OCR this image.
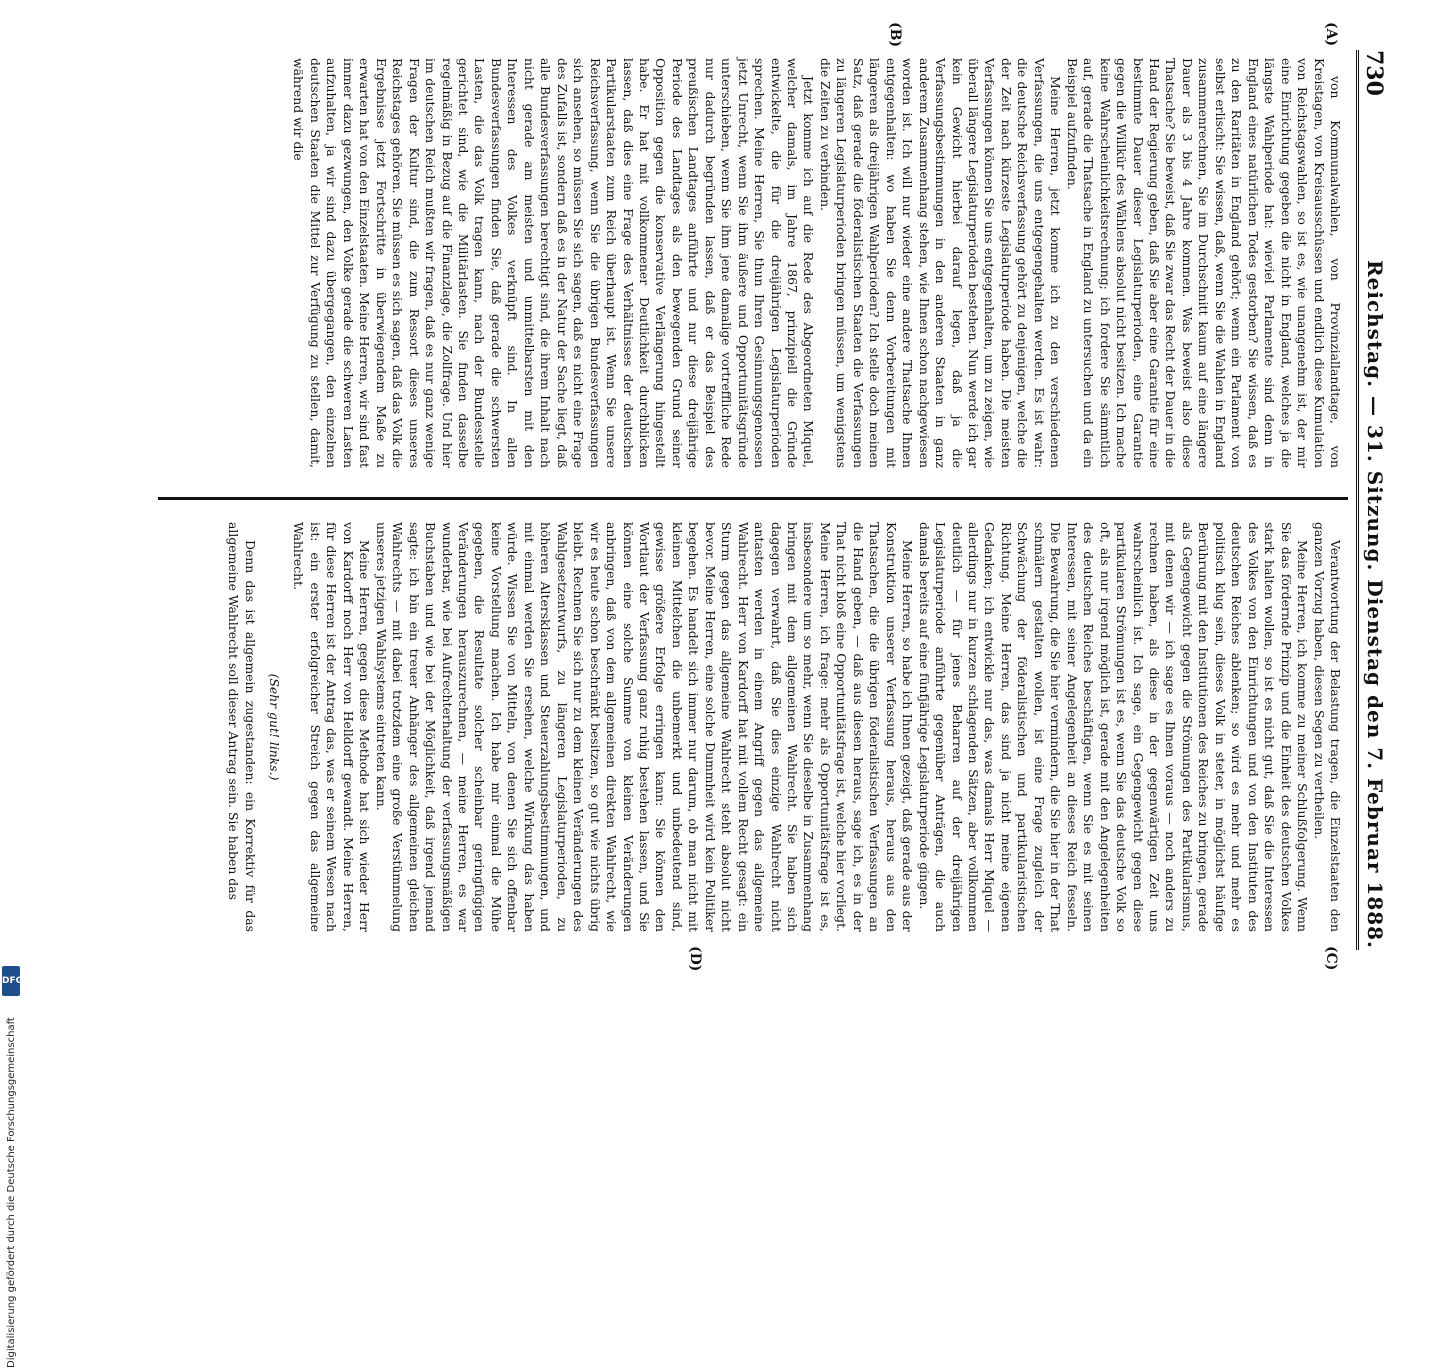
730
Reichstag. — 31. Sitzung. Dienstag den 7. Februar 1888.
(A)
(B)
(C)
(D)

von Kommunalwahlen, von Provinziallandtage, von Kreistagen, von Kreisausschüssen und endlich diese Kumulation von Reichstagswahlen, so ist es, wie unangenehm ist, der mir eine Einrichtung gegeben die nicht in England, welches ja die längste Wahlperiode hat: wieviel Parlamente sind denn in England eines natürlichen Todes gestorben? Sie wissen, daß es zu den Raritäten in England gehört; wenn ein Parlament von selbst erlischt: Sie wissen, daß, wenn Sie die Wahlen in England zusammenrechnen, Sie im Durchschnitt kaum auf eine längere Dauer als 3 bis 4 Jahre kommen. Was beweist also diese Thatsache? Sie beweist, daß Sie zwar das Recht der Dauer in die Hand der Regierung geben, daß Sie aber eine Garantie für eine bestimmte Dauer dieser Legislaturperioden, eine Garantie gegen die Willkür des Wählens absolut nicht besitzen. Ich mache keine Wahrscheinlichkeitsrechnung; ich fordere Sie sämmtlich auf, gerade die Thatsache in England zu untersuchen und da ein Beispiel aufzufinden.

Meine Herren, jetzt komme ich zu den verschiedenen Verfassungen, die uns entgegengehalten werden. Es ist wahr: die deutsche Reichsverfassung gehört zu denjenigen, welche die der Zeit nach kürzeste Legislaturperiode haben. Die meisten Verfassungen können Sie uns entgegenhalten, um zu zeigen, wie überall längere Legislaturperioden bestehen. Nun werde ich gar kein Gewicht hierbei darauf legen, daß ja die Verfassungsbestimmungen in den anderen Staaten in ganz anderem Zusammenhang stehen, wie Ihnen schon nachgewiesen worden ist. Ich will nur wieder eine andere Thatsache Ihnen entgegenhalten: wo haben Sie denn Vorbereitungen mit längeren als dreijährigen Wahlperioden? Ich stelle doch meinen Satz, daß gerade die föderalistischen Staaten die Verfassungen zu längeren Legislaturperioden bringen müssen, um wenigstens die Zeiten zu verbinden.

Jetzt komme ich auf die Rede des Abgeordneten Miquel, welcher damals, im Jahre 1867, prinzipiell die Gründe entwickelte, die für die dreijährigen Legislaturperioden sprechen. Meine Herren, Sie thun Ihren Gesinnungsgenossen jetzt Unrecht, wenn Sie ihm äußere und Opportunitätsgründe unterschieben, wenn Sie ihm jene damalige vortreffliche Rede nur dadurch begründen lassen, daß er das Beispiel des preußischen Landtages anführte und nur diese dreijährige Periode des Landtages als den bewegenden Grund seiner Opposition gegen die konservative Verlängerung hingestellt habe. Er hat mit vollkommener Deutlichkeit durchblicken lassen, daß dies eine Frage des Verhältnisses der deutschen Partikularstaaten zum Reich überhaupt ist. Wenn Sie unsere Reichsverfassung, wenn Sie die übrigen Bundesverfassungen sich ansehen, so müssen Sie sich sagen, daß es nicht eine Frage des Zufalls ist, sondern daß es in der Natur der Sache liegt, daß alle Bundesverfassungen berechtigt sind, die ihrem Inhalt nach nicht gerade am meisten und unmittelbarsten mit den Interessen des Volkes verknüpft sind. In allen Bundesverfassungen finden Sie, daß gerade die schwersten Lasten, die das Volk tragen kann, nach der Bundesstelle gerichtet sind, wie die Militärlasten. Sie finden dasselbe regelmäßig in Bezug auf die Finanzlage, die Zollfrage. Und hier im deutschen Reich mußten wir fragen, daß es nur ganz wenige Fragen der Kultur sind, die zum Ressort dieses unseres Reichstages gehören. Sie müssen es sich sagen, daß das Volk die Ergebnisse jetzt Fortschritte in überwiegendem Maße zu erwarten hat von den Einzelstaaten. Meine Herren, wir sind fast immer dazu gezwungen, den Volke gerade die schweren Lasten aufzuhalten, ja wir sind dazu übergegangen, den einzelnen deutschen Staaten die Mittel zur Verfügung zu stellen, damit, während wir die

Verantwortung der Belastung tragen, die Einzelstaaten den ganzen Vorzug haben, diesen Segen zu vertheilen.

Meine Herren, ich komme zu meiner Schlußfolgerung. Wenn Sie das fördernde Prinzip und die Einheit des deutschen Volkes stark halten wollen, so ist es nicht gut, daß Sie die Interessen des Volkes von den Einrichtungen und von den Instituten des deutschen Reiches ablenken; so wird es mehr und mehr es politisch klug sein, dieses Volk in steter, in möglichst häufige Berührung mit den Institutionen des Reiches zu bringen, gerade als Gegengewicht gegen die Strömungen des Partikularismus, mit denen wir — ich sage es Ihnen voraus — noch anders zu rechnen haben, als diese in der gegenwärtigen Zeit uns wahrscheinlich ist. Ich sage, ein Gegengewicht gegen diese partikularen Strömungen ist es, wenn Sie das deutsche Volk so oft, als nur irgend möglich ist, gerade mit den Angelegenheiten des deutschen Reiches beschäftigen, wenn Sie es mit seinen Interessen, mit seiner Angelegenheit an dieses Reich fesseln. Die Bewahrung, die Sie hier vermindern, die Sie hier in der That schmälern gestalten wollen, ist eine Frage zugleich der Schwächung der föderalistischen und partikularistischen Richtung. Meine Herren, das sind ja nicht meine eigenen Gedanken; ich entwickle nur das, was damals Herr Miquel — allerdings nur in kurzen schlagenden Sätzen, aber vollkommen deutlich — für jenes Beharren auf der dreijährigen Legislaturperiode anführte gegenüber Anträgen, die auch damals bereits auf eine fünfjährige Legislaturperiode gingen.

Meine Herren, so habe ich Ihnen gezeigt, daß gerade aus der Konstruktion unserer Verfassung heraus, heraus aus den Thatsachen, die die übrigen föderalistischen Verfassungen an die Hand geben, — daß aus diesen heraus, sage ich, es in der That nicht bloß eine Opportunitätsfrage ist, welche hier vorliegt. Meine Herren, ich frage: mehr als Opportunitätsfrage ist es, insbesondere um so mehr, wenn Sie dieselbe in Zusammenhang bringen mit dem allgemeinen Wahlrecht. Sie haben sich dagegen verwahrt, daß Sie dies einzige Wahlrecht nicht antasten werden in einem Angriff gegen das allgemeine Wahlrecht. Herr von Kardorff hat mit vollem Recht gesagt: ein Sturm gegen das allgemeine Wahlrecht steht absolut nicht bevor. Meine Herren, eine solche Dummheit wird kein Politiker begehen. Es handelt sich immer nur darum, ob man nicht mit kleinen Mittelchen die unbemerkt und unbedeutend sind, gewisse größere Erfolge erringen kann: Sie können den Wortlaut der Verfassung ganz ruhig bestehen lassen, und Sie können eine solche Summe von kleinen Veränderungen anbringen, daß von dem allgemeinen direkten Wahlrecht, wie wir es heute schon beschränkt besitzen, so gut wie nichts übrig bleibt. Rechnen Sie sich nur zu dem kleinen Veränderungen des Wahlgesetzentwurfs, zu längeren Legislaturperioden, zu höheren Altersklassen und Steuerzahlungsbestimmungen, und mit einmal werden Sie ersehen, welche Wirkung das haben würde. Wissen Sie von Mitteln, von denen Sie sich offenbar keine Vorstellung machen. Ich habe mir einmal die Mühe gegeben, die Resultate solcher scheinbar geringfügigen Veränderungen herauszurechnen, — meine Herren, es war wunderbar, wie bei Aufrechterhaltung der verfassungsmäßigen Buchstaben und wie bei der Möglichkeit, daß irgend jemand sagte: ich bin ein treuer Anhänger des allgemeinen gleichen Wahlrechts — mit dabei trotzdem eine große Verstümmelung unseres jetzigen Wahlsystems eintreten kann.

Meine Herren, gegen diese Methode hat sich wieder Herr von Kardorff noch Herr von Helldorff gewandt. Meine Herren, für diese Herren ist der Antrag das, was er seinem Wesen nach ist: ein erster erfolgreicher Streich gegen das allgemeine Wahlrecht.

(Sehr gut! links.)

Denn das ist allgemein zugestanden: ein Korrektiv für das allgemeine Wahlrecht soll dieser Antrag sein. Sie haben das

Digitalisierung gefördert durch die Deutsche Forschungsgemeinschaft
DFG
